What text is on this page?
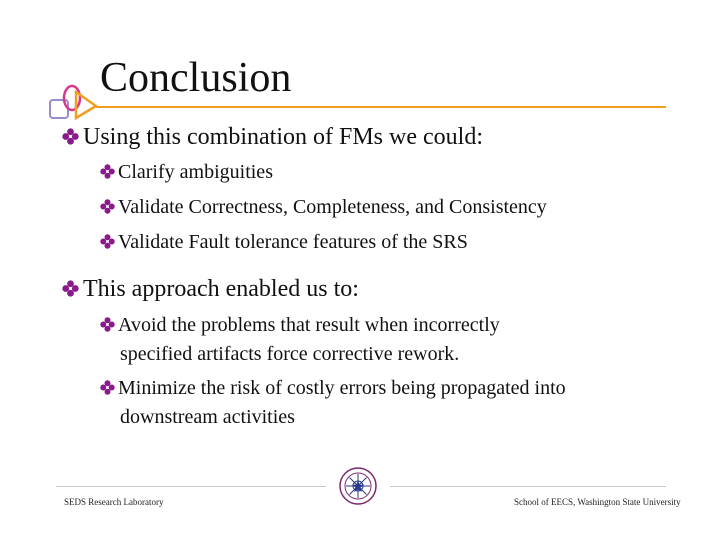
Conclusion
Using this combination of FMs we could:
Clarify ambiguities
Validate Correctness, Completeness, and Consistency
Validate Fault tolerance features of the SRS
This approach enabled us to:
Avoid the problems that result when incorrectly
specified artifacts force corrective rework.
Minimize the risk of costly errors being propagated into
downstream activities
SEDS Research Laboratory	School of EECS, Washington State University
